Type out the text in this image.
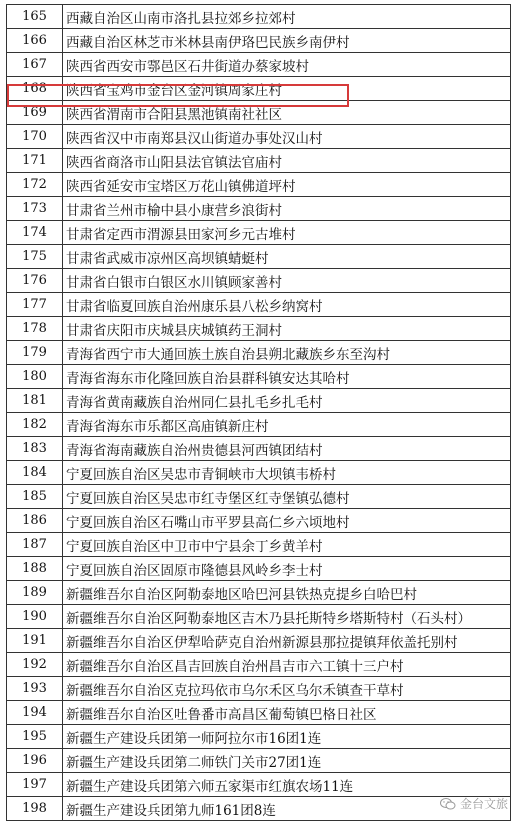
165	西藏自治区山南市洛扎县拉郊乡拉郊村
166	西藏自治区林芝市米林县南伊珞巴民族乡南伊村
167	陕西省西安市鄠邑区石井街道办蔡家坡村
168	陕西省宝鸡市金台区金河镇周家庄村
169	陕西省渭南市合阳县黑池镇南社社区
170	陕西省汉中市南郑县汉山街道办事处汉山村
171	陕西省商洛市山阳县法官镇法官庙村
172	陕西省延安市宝塔区万花山镇佛道坪村
173	甘肃省兰州市榆中县小康营乡浪街村
174	甘肃省定西市渭源县田家河乡元古堆村
175	甘肃省武威市凉州区高坝镇蜻蜓村
176	甘肃省白银市白银区水川镇顾家善村
177	甘肃省临夏回族自治州康乐县八松乡纳窝村
178	甘肃省庆阳市庆城县庆城镇药王洞村
179	青海省西宁市大通回族土族自治县朔北藏族乡东至沟村
180	青海省海东市化隆回族自治县群科镇安达其哈村
181	青海省黄南藏族自治州同仁县扎毛乡扎毛村
182	青海省海东市乐都区高庙镇新庄村
183	青海省海南藏族自治州贵德县河西镇团结村
184	宁夏回族自治区吴忠市青铜峡市大坝镇韦桥村
185	宁夏回族自治区吴忠市红寺堡区红寺堡镇弘德村
186	宁夏回族自治区石嘴山市平罗县高仁乡六顷地村
187	宁夏回族自治区中卫市中宁县余丁乡黄羊村
188	宁夏回族自治区固原市隆德县风岭乡李士村
189	新疆维吾尔自治区阿勒泰地区哈巴河县铁热克提乡白哈巴村
190	新疆维吾尔自治区阿勒泰地区吉木乃县托斯特乡塔斯特村（石头村）
191	新疆维吾尔自治区伊犁哈萨克自治州新源县那拉提镇拜依盖托别村
192	新疆维吾尔自治区昌吉回族自治州昌吉市六工镇十三户村
193	新疆维吾尔自治区克拉玛依市乌尔禾区乌尔禾镇查干草村
194	新疆维吾尔自治区吐鲁番市高昌区葡萄镇巴格日社区
195	新疆生产建设兵团第一师阿拉尔市16团1连
196	新疆生产建设兵团第二师铁门关市27团1连
197	新疆生产建设兵团第六师五家渠市红旗农场11连
198	新疆生产建设兵团第九师161团8连	金台文旅
